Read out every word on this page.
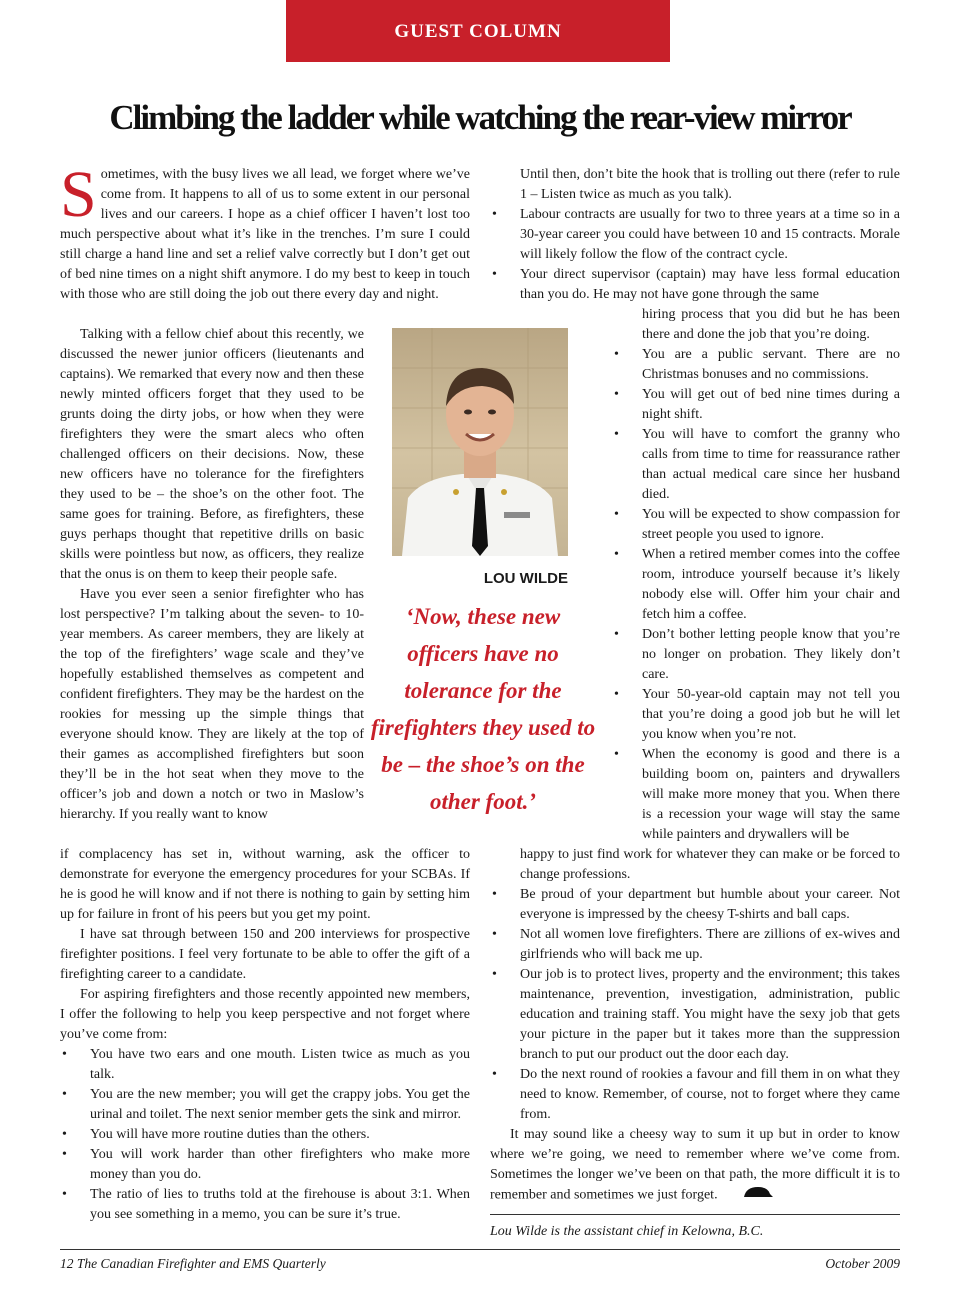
GUEST COLUMN
Climbing the ladder while watching the rear-view mirror

Sometimes, with the busy lives we all lead, we forget where we’ve come from. It happens to all of us to some extent in our personal lives and our careers. I hope as a chief officer I haven’t lost too much perspective about what it’s like in the trenches. I’m sure I could still charge a hand line and set a relief valve correctly but I don’t get out of bed nine times on a night shift anymore. I do my best to keep in touch with those who are still doing the job out there every day and night.

Talking with a fellow chief about this recently, we discussed the newer junior officers (lieutenants and captains). We remarked that every now and then these newly minted officers forget that they used to be grunts doing the dirty jobs, or how when they were firefighters they were the smart alecs who often challenged officers on their decisions. Now, these new officers have no tolerance for the firefighters they used to be – the shoe’s on the other foot. The same goes for training. Before, as firefighters, these guys perhaps thought that repetitive drills on basic skills were pointless but now, as officers, they realize that the onus is on them to keep their people safe.

Have you ever seen a senior firefighter who has lost perspective? I’m talking about the seven- to 10-year members. As career members, they are likely at the top of the firefighters’ wage scale and they’ve hopefully established themselves as competent and confident firefighters. They may be the hardest on the rookies for messing up the simple things that everyone should know. They are likely at the top of their games as accomplished firefighters but soon they’ll be in the hot seat when they move to the officer’s job and down a notch or two in Maslow’s hierarchy. If you really want to know

if complacency has set in, without warning, ask the officer to demonstrate for everyone the emergency procedures for your SCBAs. If he is good he will know and if not there is nothing to gain by setting him up for failure in front of his peers but you get my point.

I have sat through between 150 and 200 interviews for prospective firefighter positions. I feel very fortunate to be able to offer the gift of a firefighting career to a candidate.

For aspiring firefighters and those recently appointed new members, I offer the following to help you keep perspective and not forget where you’ve come from:

• You have two ears and one mouth. Listen twice as much as you talk.
• You are the new member; you will get the crappy jobs. You get the urinal and toilet. The next senior member gets the sink and mirror.
• You will have more routine duties than the others.
• You will work harder than other firefighters who make more money than you do.
• The ratio of lies to truths told at the firehouse is about 3:1. When you see something in a memo, you can be sure it’s true.
LOU WILDE
‘Now, these new officers have no tolerance for the firefighters they used to be – the shoe’s on the other foot.’

Until then, don’t bite the hook that is trolling out there (refer to rule 1 – Listen twice as much as you talk).

• Labour contracts are usually for two to three years at a time so in a 30-year career you could have between 10 and 15 contracts. Morale will likely follow the flow of the contract cycle.
• Your direct supervisor (captain) may have less formal education than you do. He may not have gone through the same

hiring process that you did but he has been there and done the job that you’re doing.

• You are a public servant. There are no Christmas bonuses and no commissions.
• You will get out of bed nine times during a night shift.
• You will have to comfort the granny who calls from time to time for reassurance rather than actual medical care since her husband died.
• You will be expected to show compassion for street people you used to ignore.
• When a retired member comes into the coffee room, introduce yourself because it’s likely nobody else will. Offer him your chair and fetch him a coffee.
• Don’t bother letting people know that you’re no longer on probation. They likely don’t care.
• Your 50-year-old captain may not tell you that you’re doing a good job but he will let you know when you’re not.
• When the economy is good and there is a building boom on, painters and drywallers will make more money that you. When there is a recession your wage will stay the same while painters and drywallers will be

happy to just find work for whatever they can make or be forced to change professions.

• Be proud of your department but humble about your career. Not everyone is impressed by the cheesy T-shirts and ball caps.
• Not all women love firefighters. There are zillions of ex-wives and girlfriends who will back me up.
• Our job is to protect lives, property and the environment; this takes maintenance, prevention, investigation, administration, public education and training staff. You might have the sexy job that gets your picture in the paper but it takes more than the suppression branch to put our product out the door each day.
• Do the next round of rookies a favour and fill them in on what they need to know. Remember, of course, not to forget where they came from.

It may sound like a cheesy way to sum it up but in order to know where we’re going, we need to remember where we’ve come from. Sometimes the longer we’ve been on that path, the more difficult it is to remember and sometimes we just forget.

Lou Wilde is the assistant chief in Kelowna, B.C.
12 The Canadian Firefighter and EMS Quarterly	October 2009
